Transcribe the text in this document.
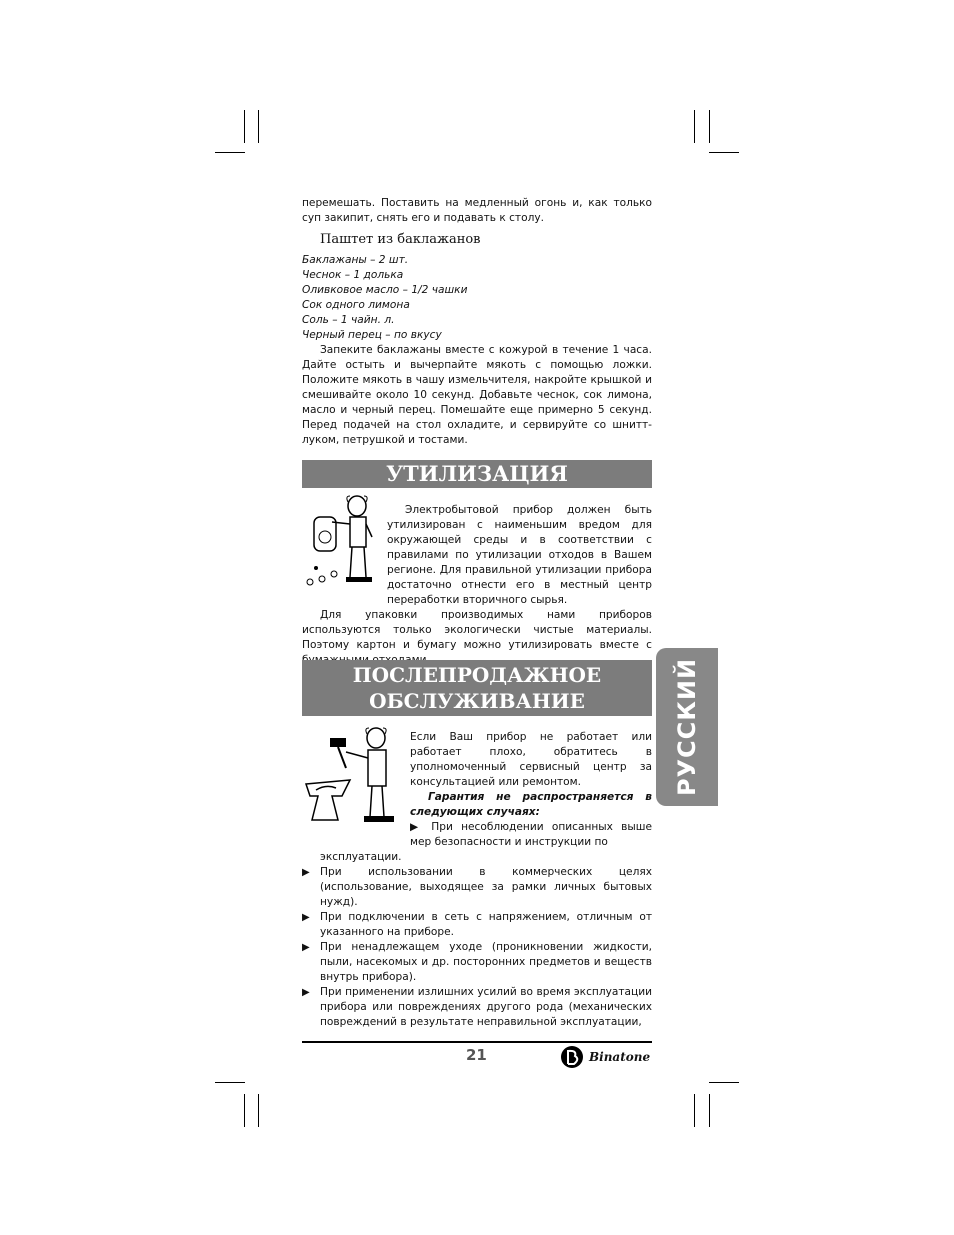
перемешать. Поставить на медленный огонь и, как только суп закипит, снять его и подавать к столу.

Паштет из баклажанов

Баклажаны – 2 шт.

Чеснок – 1 долька

Оливковое масло – 1/2 чашки

Сок одного лимона

Соль – 1 чайн. л.

Черный перец – по вкусу

Запеките баклажаны вместе с кожурой в течение 1 часа. Дайте остыть и вычерпайте мякоть с помощью ложки. Положите мякоть в чашу измельчителя, накройте крышкой и смешивайте около 10 секунд. Добавьте чеснок, сок лимона, масло и черный перец. Помешайте еще примерно 5 секунд. Перед подачей на стол охладите, и сервируйте со шнитт-луком, петрушкой и тостами.

УТИЛИЗАЦИЯ

Электробытовой прибор должен быть утилизирован с наименьшим вредом для окружающей среды и в соответствии с правилами по утилизации отходов в Вашем регионе. Для правильной утилизации прибора достаточно отнести его в местный центр переработки вторичного сырья.

Для упаковки производимых нами приборов используются только экологически чистые материалы. Поэтому картон и бумагу можно утилизировать вместе с

ПОСЛЕПРОДАЖНОЕ
ОБСЛУЖИВАНИЕ	РУССКИЙ

Если Ваш прибор не работает или работает плохо, обратитесь в уполномоченный сервисный центр за консультацией или ремонтом.

Гарантия не распространяется в следующих случаях:

▶ При несоблюдении описанных выше мер безопасности и инструкции по

эксплуатации.

▶ При использовании в коммерческих целях (использование, выходящее за рамки личных бытовых нужд).

▶ При подключении в сеть с напряжением, отличным от указанного на приборе.

▶ При ненадлежащем уходе (проникновении жидкости, пыли, насекомых и др. посторонних предметов и веществ внутрь прибора).

▶ При применении излишних усилий во время эксплуатации прибора или повреждениях другого рода (механических повреждений в результате неправильной эксплуатации,

21	Binatone
